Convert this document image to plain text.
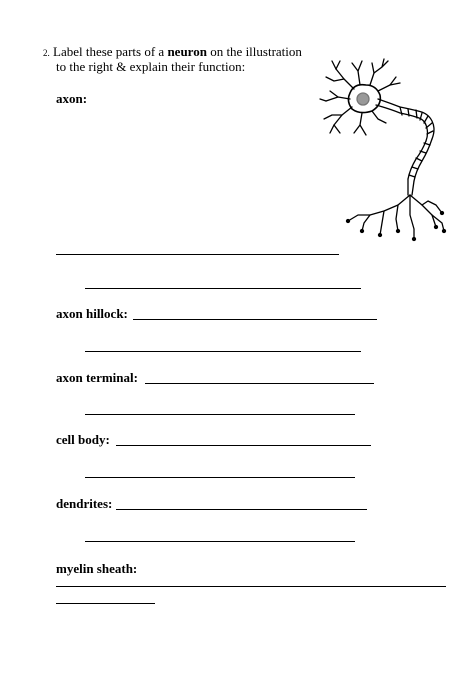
2. Label these parts of a neuron on the illustration
to the right & explain their function:
axon:
axon hillock:
axon terminal:
cell body:
dendrites:
myelin sheath:
